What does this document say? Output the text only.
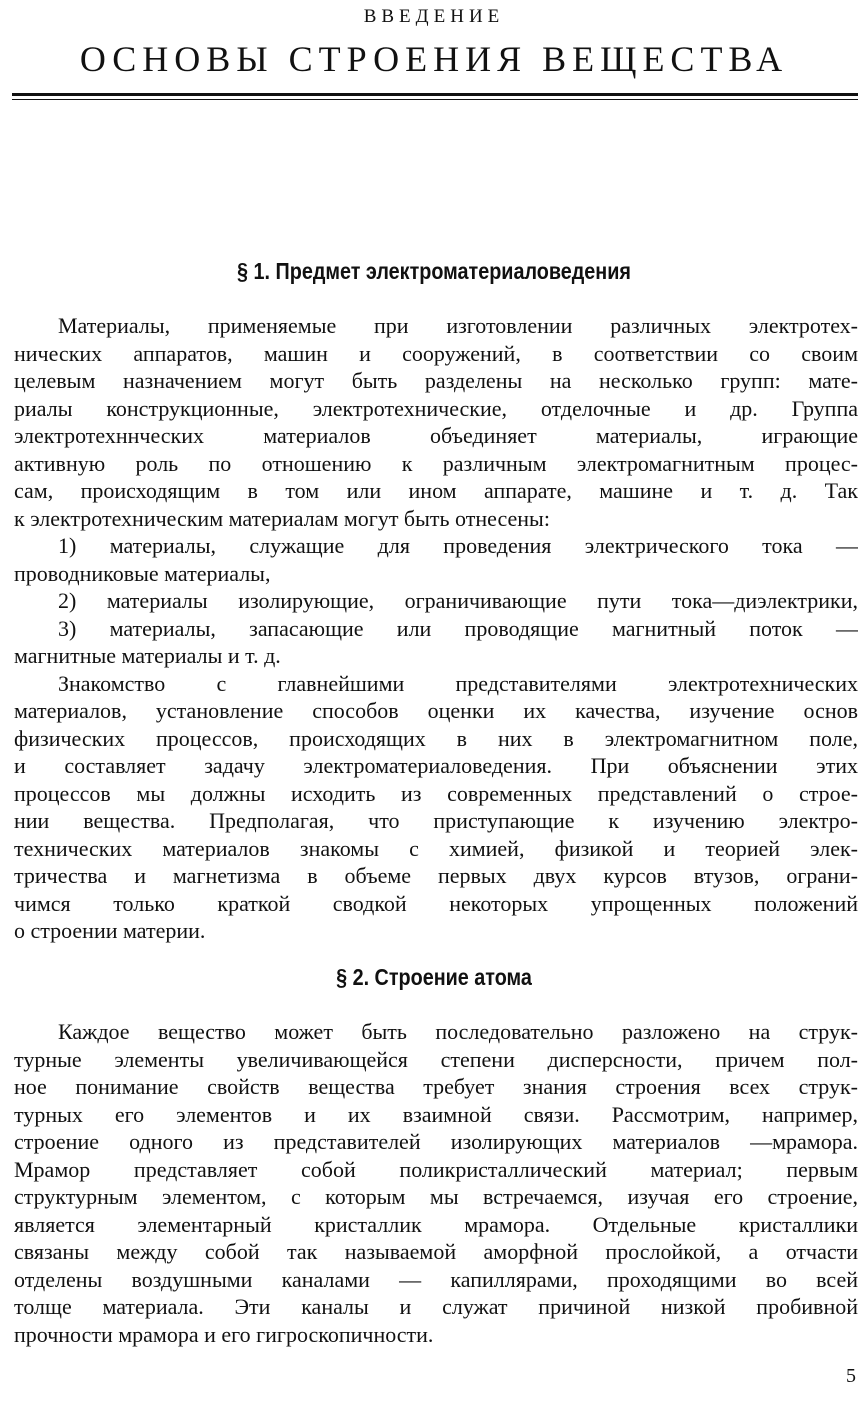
ВВЕДЕНИЕ

ОСНОВЫ СТРОЕНИЯ ВЕЩЕСТВА
§ 1. Предмет электроматериаловедения
Материалы, применяемые при изготовлении различных электротех-
нических аппаратов, машин и сооружений, в соответствии со своим
целевым назначением могут быть разделены на несколько групп: мате-
риалы конструкционные, электротехнические, отделочные и др. Группа
электротехннческих материалов объединяет материалы, играющие
активную роль по отношению к различным электромагнитным процес-
сам, происходящим в том или ином аппарате, машине и т. д. Так
к электротехническим материалам могут быть отнесены:
1) материалы, служащие для проведения электрического тока —
проводниковые материалы,
2) материалы изолирующие, ограничивающие пути тока—диэлектрики,
3) материалы, запасающие или проводящие магнитный поток —
магнитные материалы и т. д.
Знакомство с главнейшими представителями электротехнических
материалов, установление способов оценки их качества, изучение основ
физических процессов, происходящих в них в электромагнитном поле,
и составляет задачу электроматериаловедения. При объяснении этих
процессов мы должны исходить из современных представлений о строе-
нии вещества. Предполагая, что приступающие к изучению электро-
технических материалов знакомы с химией, физикой и теорией элек-
тричества и магнетизма в объеме первых двух курсов втузов, ограни-
чимся только краткой сводкой некоторых упрощенных положений
о строении материи.
§ 2. Строение атома
Каждое вещество может быть последовательно разложено на струк-
турные элементы увеличивающейся степени дисперсности, причем пол-
ное понимание свойств вещества требует знания строения всех струк-
турных его элементов и их взаимной связи. Рассмотрим, например,
строение одного из представителей изолирующих материалов —мрамора.
Мрамор представляет собой поликристаллический материал; первым
структурным элементом, с которым мы встречаемся, изучая его строение,
является элементарный кристаллик мрамора. Отдельные кристаллики
связаны между собой так называемой аморфной прослойкой, а отчасти
отделены воздушными каналами — капиллярами, проходящими во всей
толще материала. Эти каналы и служат причиной низкой пробивной
прочности мрамора и его гигроскопичности.

5
